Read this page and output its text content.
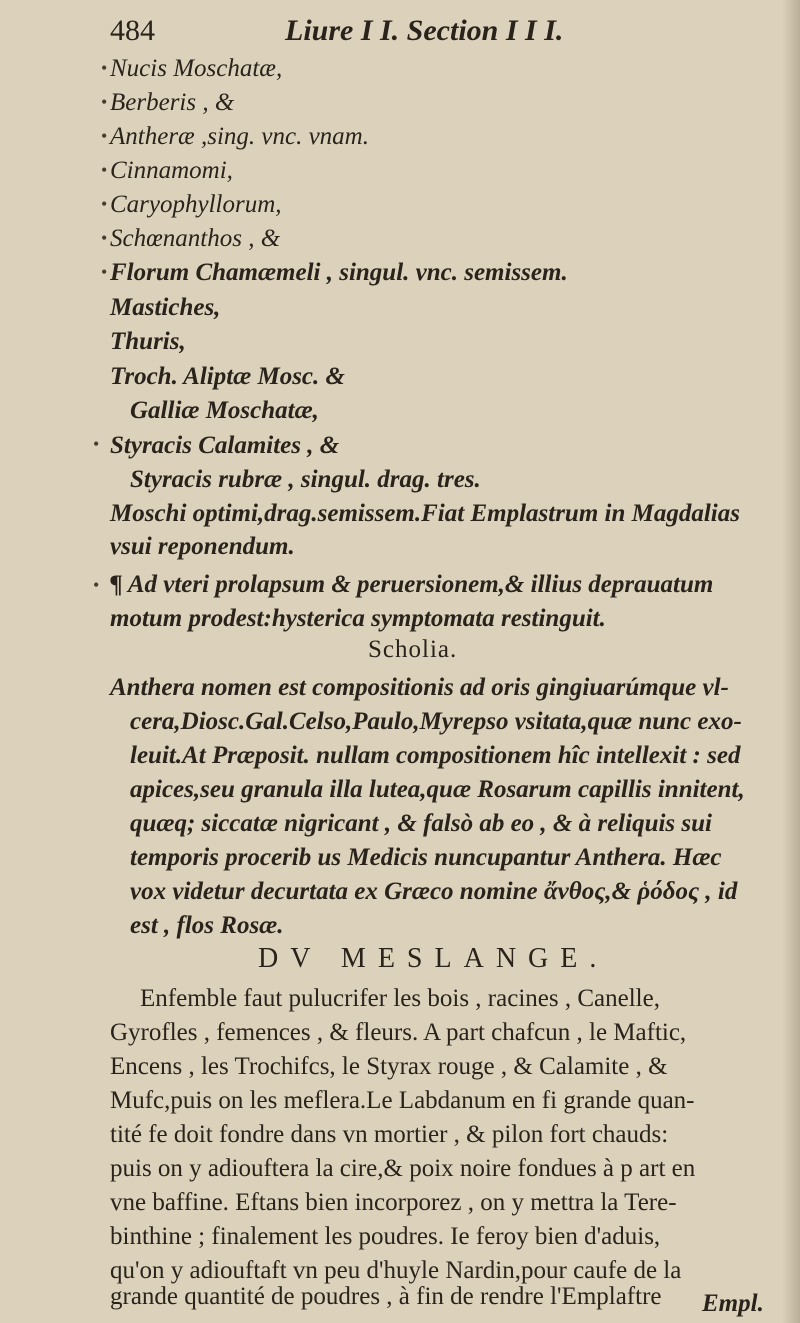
484	Liure I I. Section I I I.
• Nucis Moschatæ,
• Berberis , &
• Antheræ ,sing. vnc. vnam.
• Cinnamomi,
• Caryophyllorum,
• Schœnanthos , &
• Florum Chamæmeli , singul. vnc. semissem.
Mastiches,
Thuris,
Troch. Aliptæ Mosc. &
Galliæ Moschatæ,
• Styracis Calamites , &
Styracis rubræ , singul. drag. tres.
Moschi optimi,drag.semissem.Fiat Emplastrum in Magdalias
vsui reponendum.
• ¶ Ad vteri prolapsum & peruersionem,& illius deprauatum
motum prodest:hysterica symptomata restinguit.
Scholia.
Anthera nomen est compositionis ad oris gingiuarúmque vl-
cera,Diosc.Gal.Celso,Paulo,Myrepso vsitata,quæ nunc exo-
leuit.At Præposit. nullam compositionem hîc intellexit : sed
apices,seu granula illa lutea,quæ Rosarum capillis innitent,
quæq; siccatæ nigricant , & falsò ab eo , & à reliquis sui
temporis procerib us Medicis nuncupantur Anthera. Hæc
vox videtur decurtata ex Græco nomine ἄνθος,& ῥόδος , id
est , flos Rosæ.
DV MESLANGE.
Enfemble faut pulucrifer les bois , racines , Canelle,
Gyrofles , femences , & fleurs. A part chafcun , le Maftic,
Encens , les Trochifcs, le Styrax rouge , & Calamite , &
Mufc,puis on les meflera.Le Labdanum en fi grande quan-
tité fe doit fondre dans vn mortier , & pilon fort chauds:
puis on y adiouftera la cire,& poix noire fondues à p art en
vne baffine. Eftans bien incorporez , on y mettra la Tere-
binthine ; finalement les poudres. Ie feroy bien d'aduis,
qu'on y adiouftaft vn peu d'huyle Nardin,pour caufe de la
grande quantité de poudres , à fin de rendre l'Emplaftre Empl.
